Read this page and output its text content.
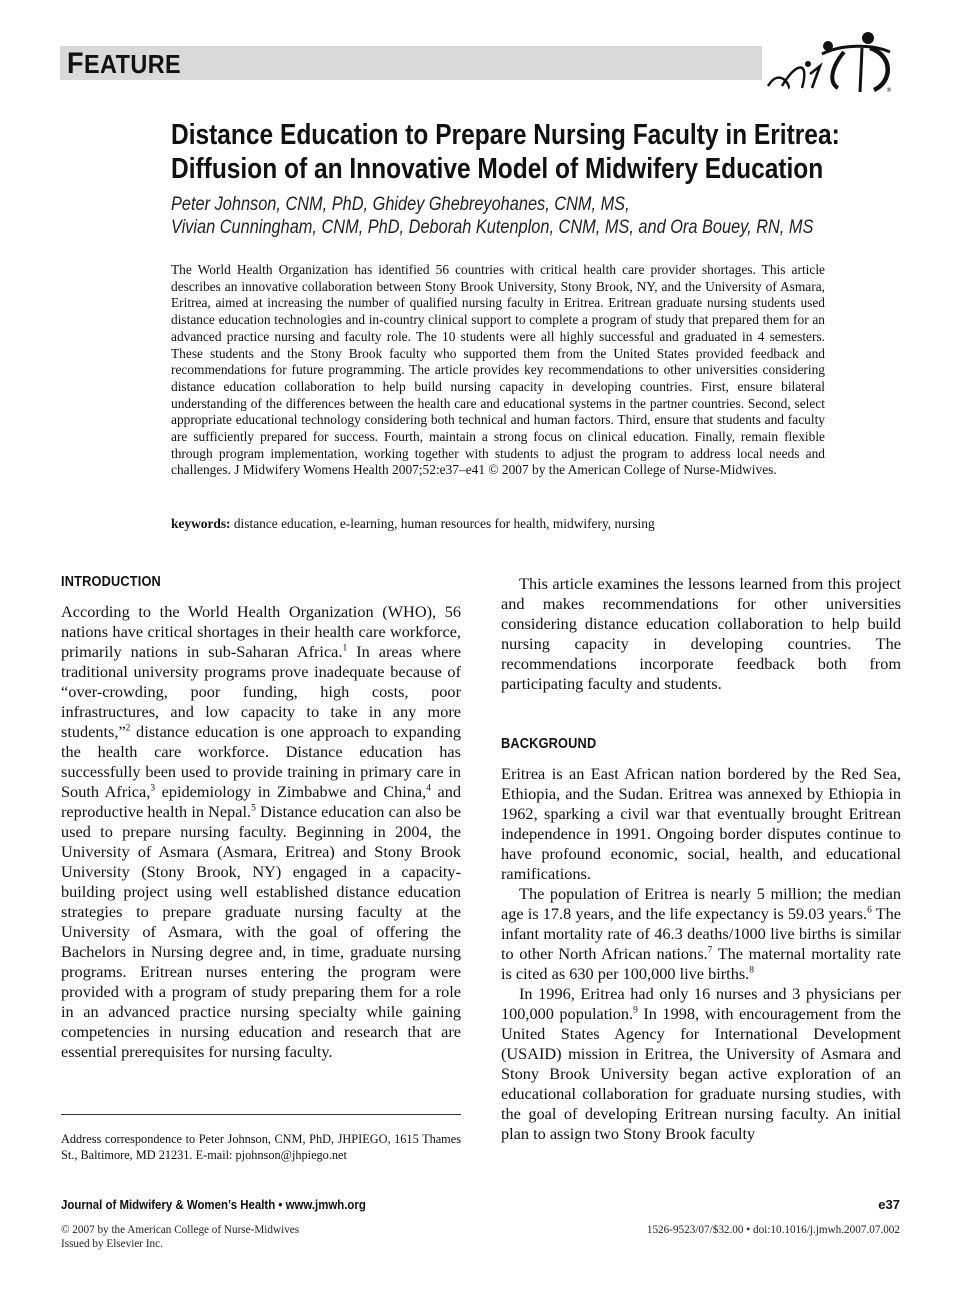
FEATURE
®
Distance Education to Prepare Nursing Faculty in Eritrea:
Diffusion of an Innovative Model of Midwifery Education
Peter Johnson, CNM, PhD, Ghidey Ghebreyohanes, CNM, MS,
Vivian Cunningham, CNM, PhD, Deborah Kutenplon, CNM, MS, and Ora Bouey, RN, MS
The World Health Organization has identified 56 countries with critical health care provider shortages. This article describes an innovative collaboration between Stony Brook University, Stony Brook, NY, and the University of Asmara, Eritrea, aimed at increasing the number of qualified nursing faculty in Eritrea. Eritrean graduate nursing students used distance education technologies and in-country clinical support to complete a program of study that prepared them for an advanced practice nursing and faculty role. The 10 students were all highly successful and graduated in 4 semesters. These students and the Stony Brook faculty who supported them from the United States provided feedback and recommendations for future programming. The article provides key recommendations to other universities considering distance education collaboration to help build nursing capacity in developing countries. First, ensure bilateral understanding of the differences between the health care and educational systems in the partner countries. Second, select appropriate educational technology considering both technical and human factors. Third, ensure that students and faculty are sufficiently prepared for success. Fourth, maintain a strong focus on clinical education. Finally, remain flexible through program implementation, working together with students to adjust the program to address local needs and challenges. J Midwifery Womens Health 2007;52:e37–e41 © 2007 by the American College of Nurse-Midwives.
keywords: distance education, e-learning, human resources for health, midwifery, nursing
INTRODUCTION

According to the World Health Organization (WHO), 56 nations have critical shortages in their health care workforce, primarily nations in sub-Saharan Africa.$^1$ In areas where traditional university programs prove inadequate because of “over-crowding, poor funding, high costs, poor infrastructures, and low capacity to take in any more students,”$^2$ distance education is one approach to expanding the health care workforce. Distance education has successfully been used to provide training in primary care in South Africa,$^3$ epidemiology in Zimbabwe and China,$^4$ and reproductive health in Nepal.$^5$ Distance education can also be used to prepare nursing faculty. Beginning in 2004, the University of Asmara (Asmara, Eritrea) and Stony Brook University (Stony Brook, NY) engaged in a capacity-building project using well established distance education strategies to prepare graduate nursing faculty at the University of Asmara, with the goal of offering the Bachelors in Nursing degree and, in time, graduate nursing programs. Eritrean nurses entering the program were provided with a program of study preparing them for a role in an advanced practice nursing specialty while gaining competencies in nursing education and research that are essential prerequisites for nursing faculty.

This article examines the lessons learned from this project and makes recommendations for other universities considering distance education collaboration to help build nursing capacity in developing countries. The recommendations incorporate feedback both from participating faculty and students.

BACKGROUND

Eritrea is an East African nation bordered by the Red Sea, Ethiopia, and the Sudan. Eritrea was annexed by Ethiopia in 1962, sparking a civil war that eventually brought Eritrean independence in 1991. Ongoing border disputes continue to have profound economic, social, health, and educational ramifications.

The population of Eritrea is nearly 5 million; the median age is 17.8 years, and the life expectancy is 59.03 years.$^6$ The infant mortality rate of 46.3 deaths/1000 live births is similar to other North African nations.$^7$ The maternal mortality rate is cited as 630 per 100,000 live births.$^8$

In 1996, Eritrea had only 16 nurses and 3 physicians per 100,000 population.$^9$ In 1998, with encouragement from the United States Agency for International Development (USAID) mission in Eritrea, the University of Asmara and Stony Brook University began active exploration of an educational collaboration for graduate nursing studies, with the goal of developing Eritrean nursing faculty. An initial plan to assign two Stony Brook faculty

Address correspondence to Peter Johnson, CNM, PhD, JHPIEGO, 1615 Thames St., Baltimore, MD 21231. E-mail: pjohnson@jhpiego.net
Journal of Midwifery & Women’s Health • www.jmwh.org	e37
© 2007 by the American College of Nurse-Midwives
Issued by Elsevier Inc.
1526-9523/07/$32.00 • doi:10.1016/j.jmwh.2007.07.002
